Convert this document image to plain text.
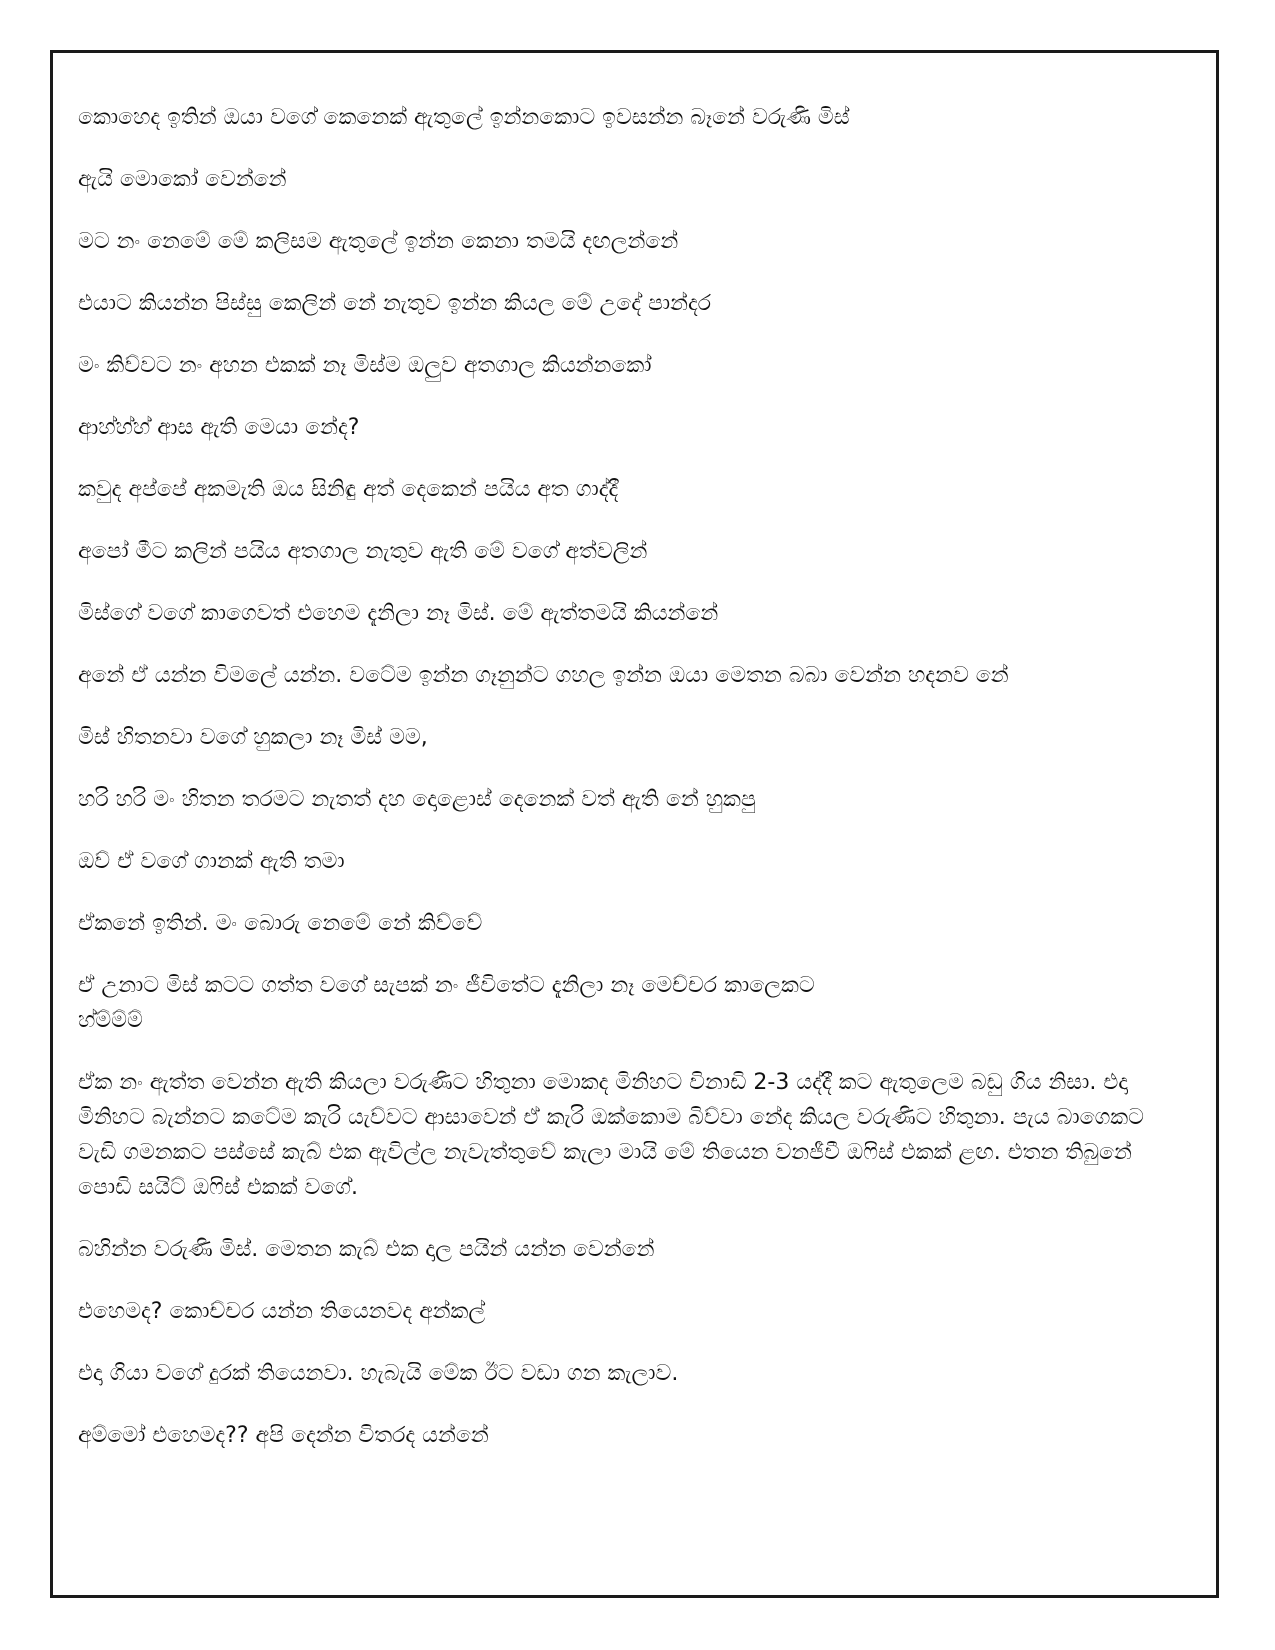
කොහෙද ඉතින් ඔයා වගේ කෙනෙක් ඇතුලේ ඉන්නකොට ඉවසන්න බෑනේ වරුණි මිස්

ඇයි මොකෝ වෙන්නේ

මට නං නෙමේ මේ කලිසම ඇතුලේ ඉන්න කෙනා තමයි දඟලන්නේ

එයාට කියන්න පිස්සු කෙලින් නේ නැතුව ඉන්න කියල මේ උදේ පාන්දර

මං කිව්වට නං අහන එකක් නෑ මිස්ම ඔලුව අතගාල කියන්නකෝ

ආහ්හ්හ් ආස ඇති මෙයා නේද?

කවුද අප්පේ අකමැති ඔය සිනිඳු අත් දෙකෙන් පයිය අත ගාද්දී

අපෝ මීට කලින් පයිය අතගාල නැතුව ඇති මේ වගේ අත්වලින්

මිස්ගේ වගේ කාගෙවත් එහෙම දැනිලා නෑ මිස්. මේ ඇත්තමයි කියන්නේ

අනේ ඒ යන්න විමලේ යන්න. වටේම ඉන්න ගෑනුන්ට ගහල ඉන්න ඔයා මෙතන බබා වෙන්න හදනව නේ

මිස් හිතනවා වගේ හුකලා නෑ මිස් මම,

හරි හරි මං හිතන තරමට නැතත් දහ දොළොස් දෙනෙක් වත් ඇති නේ හුකපු

ඔව් ඒ වගේ ගානක් ඇති තමා

ඒකනේ ඉතින්. මං බොරු නෙමේ නේ කිව්වේ

ඒ උනාට මිස් කටට ගත්ත වගේ සැපක් නං ජීවිතේට දැනිලා නෑ මෙච්චර කාලෙකට
හ්ම්ම්ම්

ඒක නං ඇත්ත වෙන්න ඇති කියලා වරුණිට හිතුනා මොකද මිනිහට විනාඩි 2-3 යද්දී කට ඇතුලෙම බඩු ගිය නිසා. එදා මිනිහට බැන්නට කටේම කැරි යැව්වට ආසාවෙන් ඒ කැරි ඔක්කොම බිව්වා නේද කියල වරුණිට හිතුනා. පැය බාගෙකට වැඩි ගමනකට පස්සේ කැබ් එක ඇවිල්ල නැවැත්තුවේ කැලා මායි මේ තියෙන වනජීවී ඔෆිස් එකක් ළඟ. එතන තිබුනේ පොඩි සයිට් ඔෆිස් එකක් වගේ.

බහින්න වරුණි මිස්. මෙතන කැබ් එක දාල පයින් යන්න වෙන්නේ

එහෙමද? කොච්චර යන්න තියෙනවද අන්කල්

එදා ගියා වගේ දුරක් තියෙනවා. හැබැයි මේක ඊට වඩා ගන කැලාව.

අම්මෝ එහෙමද?? අපි දෙන්න විතරද යන්නේ
